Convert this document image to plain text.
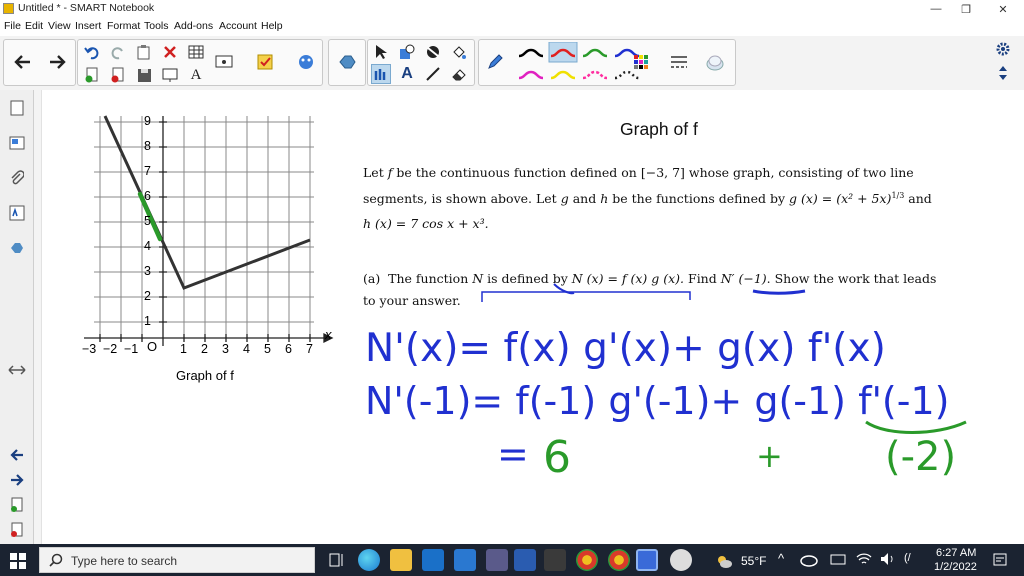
Untitled * - SMART Notebook	—	❐	✕
File Edit View Insert Format Tools Add-ons Account Help
A	A
−3 −2 −1 O 1 2 3 4 5 6 7
x
1
2
3
4
5
6
7
8
9
Graph of f
Graph of f
Let f be the continuous function defined on [−3, 7] whose graph, consisting of two line
segments, is shown above. Let g and h be the functions defined by g $(x) = (x^2 + 5x)^{1/3}$ and
h (x) = 7 cos x + x³.
(a) The function N is defined by N (x) = f (x) g (x). Find N′ (−1). Show the work that leads
to your answer.
N'(x)= f(x) g'(x)+ g(x) f'(x)
N'(-1)= f(-1) g'(-1)+ g(-1) f'(-1)
= 6	+	(-2)
Type here to search	55°F ^	(/ 6:27 AM
1/2/2022
